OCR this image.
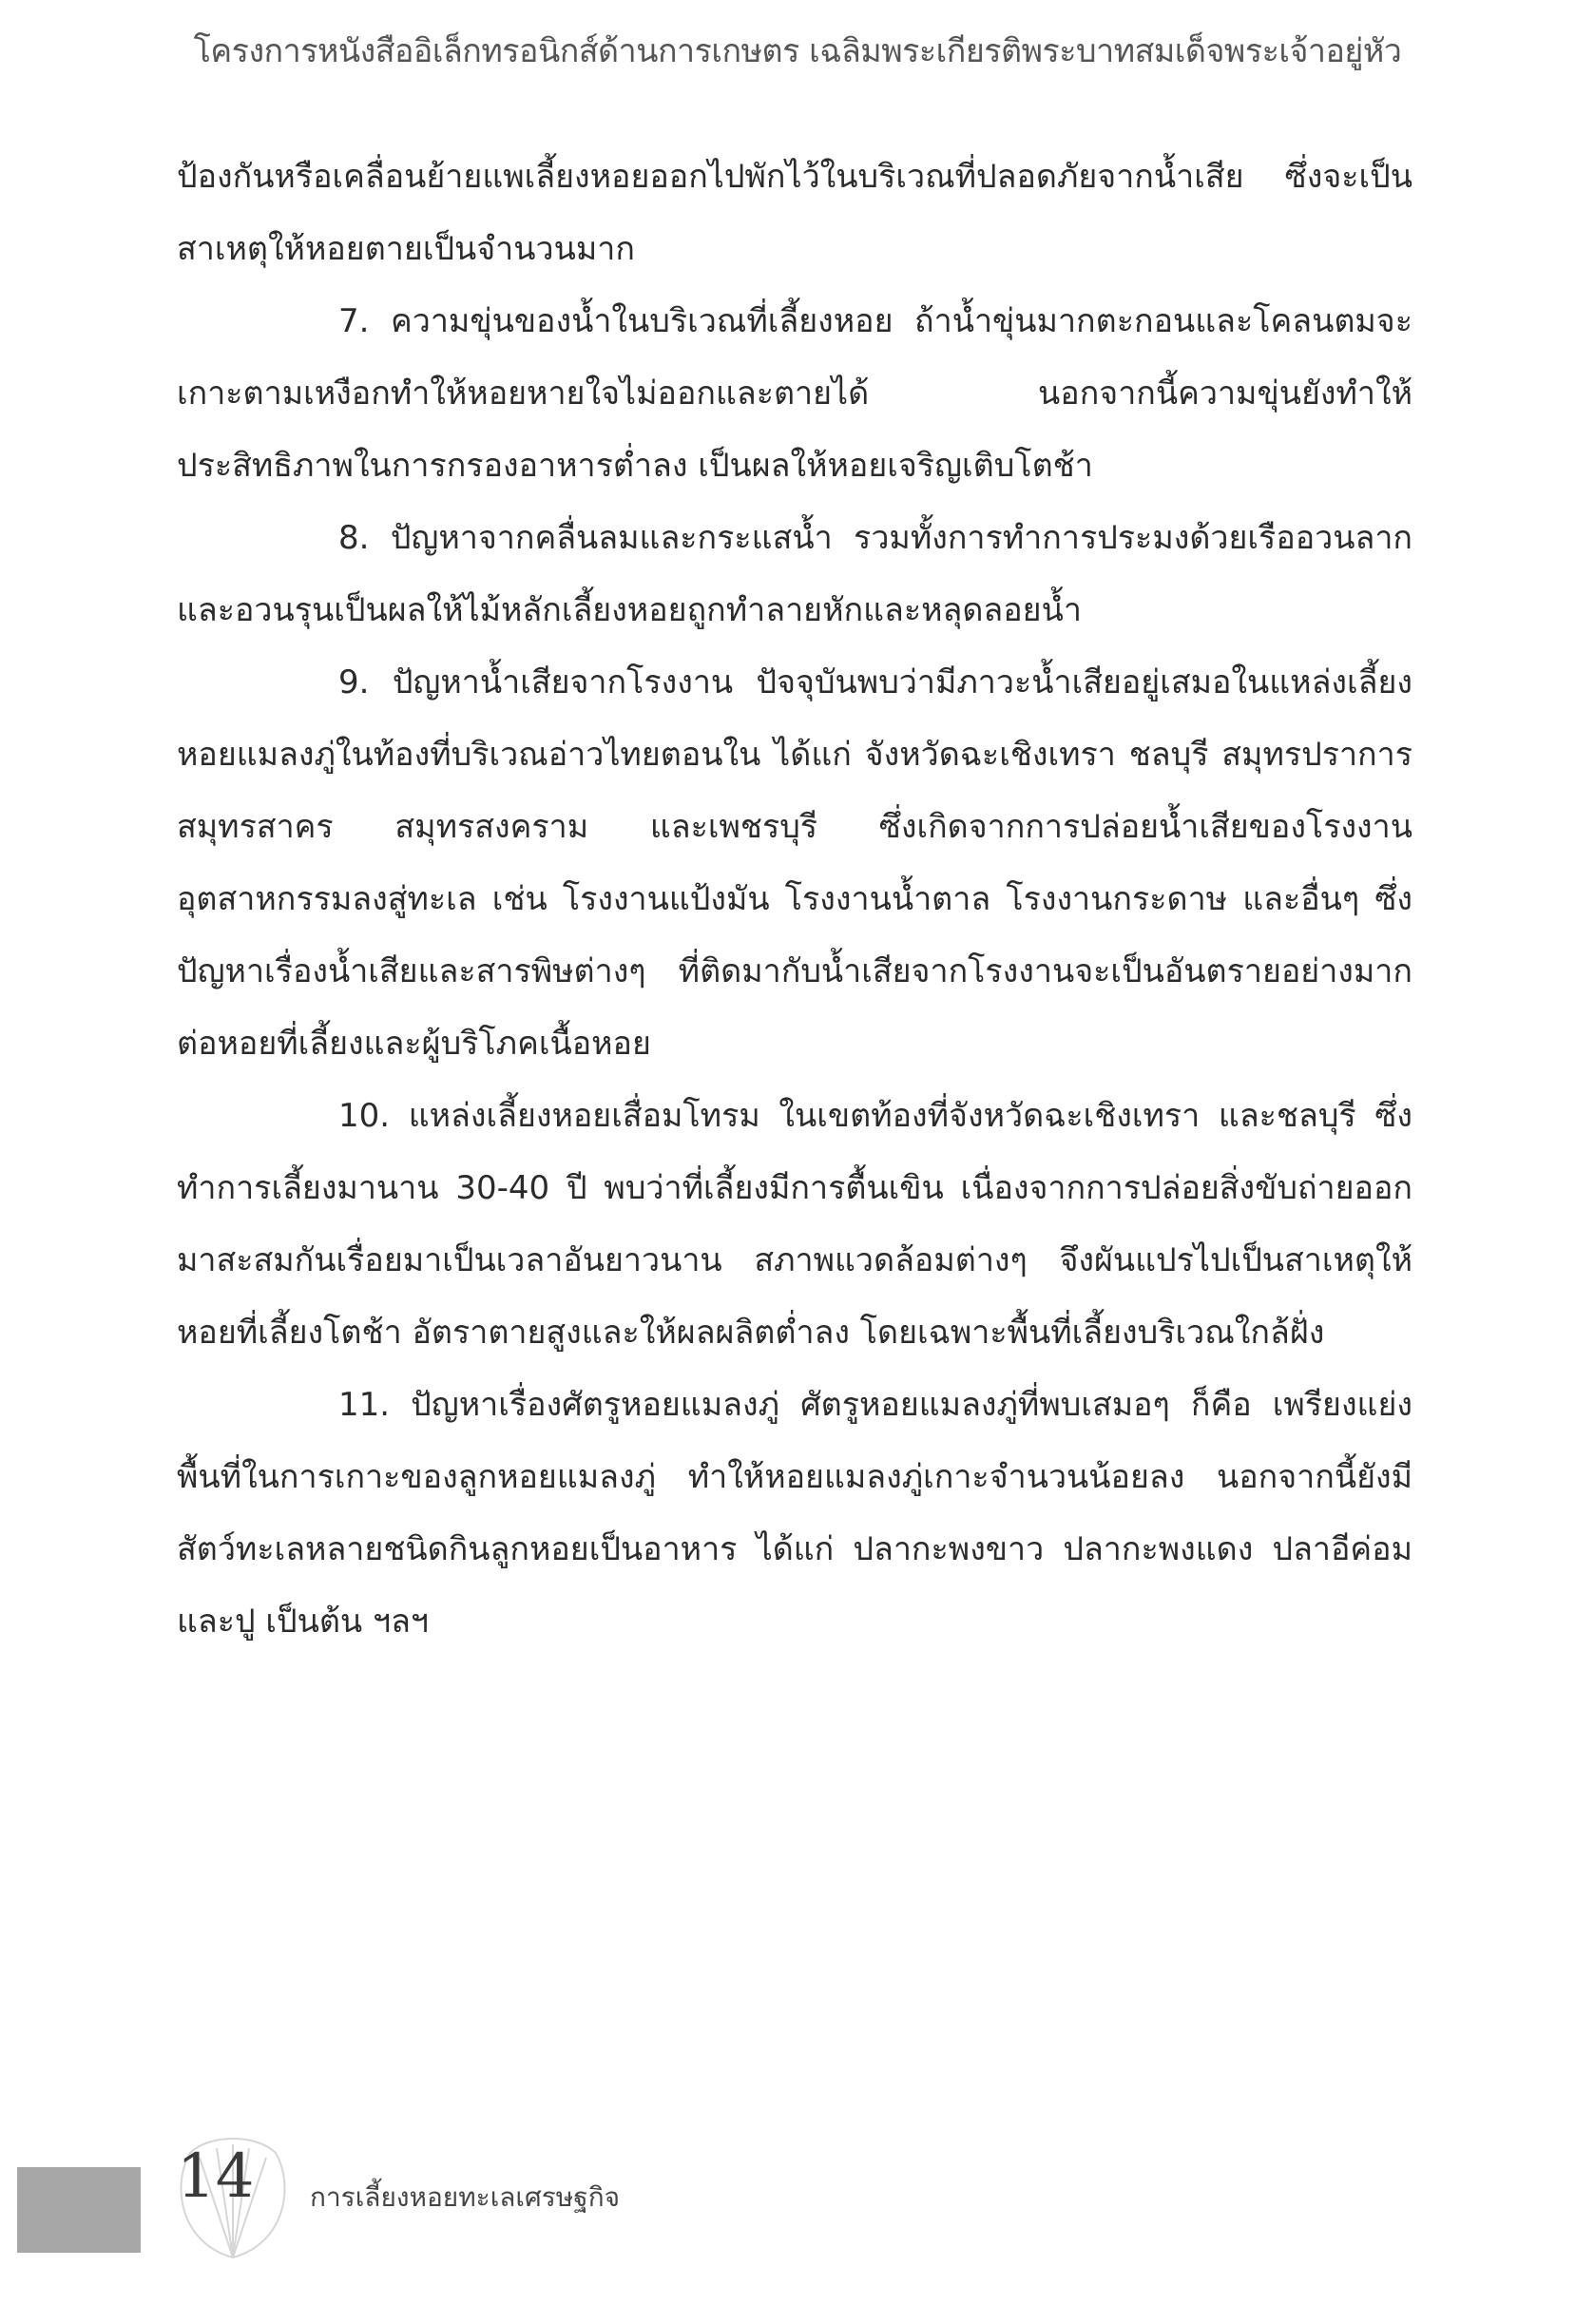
โครงการหนังสืออิเล็กทรอนิกส์ด้านการเกษตร เฉลิมพระเกียรติพระบาทสมเด็จพระเจ้าอยู่หัว

ป้องกันหรือเคลื่อนย้ายแพเลี้ยงหอยออกไปพักไว้ในบริเวณที่ปลอดภัยจากน้ำเสีย ซึ่งจะเป็นสาเหตุให้หอยตายเป็นจำนวนมาก

7. ความขุ่นของน้ำในบริเวณที่เลี้ยงหอย ถ้าน้ำขุ่นมากตะกอนและโคลนตมจะเกาะตามเหงือกทำให้หอยหายใจไม่ออกและตายได้ นอกจากนี้ความขุ่นยังทำให้ประสิทธิภาพในการกรองอาหารต่ำลง เป็นผลให้หอยเจริญเติบโตช้า

8. ปัญหาจากคลื่นลมและกระแสน้ำ รวมทั้งการทำการประมงด้วยเรืออวนลากและอวนรุนเป็นผลให้ไม้หลักเลี้ยงหอยถูกทำลายหักและหลุดลอยน้ำ

9. ปัญหาน้ำเสียจากโรงงาน ปัจจุบันพบว่ามีภาวะน้ำเสียอยู่เสมอในแหล่งเลี้ยงหอยแมลงภู่ในท้องที่บริเวณอ่าวไทยตอนใน ได้แก่ จังหวัดฉะเชิงเทรา ชลบุรี สมุทรปราการ สมุทรสาคร สมุทรสงคราม และเพชรบุรี ซึ่งเกิดจากการปล่อยน้ำเสียของโรงงานอุตสาหกรรมลงสู่ทะเล เช่น โรงงานแป้งมัน โรงงานน้ำตาล โรงงานกระดาษ และอื่นๆ ซึ่งปัญหาเรื่องน้ำเสียและสารพิษต่างๆ ที่ติดมากับน้ำเสียจากโรงงานจะเป็นอันตรายอย่างมากต่อหอยที่เลี้ยงและผู้บริโภคเนื้อหอย

10. แหล่งเลี้ยงหอยเสื่อมโทรม ในเขตท้องที่จังหวัดฉะเชิงเทรา และชลบุรี ซึ่งทำการเลี้ยงมานาน 30-40 ปี พบว่าที่เลี้ยงมีการตื้นเขิน เนื่องจากการปล่อยสิ่งขับถ่ายออกมาสะสมกันเรื่อยมาเป็นเวลาอันยาวนาน สภาพแวดล้อมต่างๆ จึงผันแปรไปเป็นสาเหตุให้หอยที่เลี้ยงโตช้า อัตราตายสูงและให้ผลผลิตต่ำลง โดยเฉพาะพื้นที่เลี้ยงบริเวณใกล้ฝั่ง

11. ปัญหาเรื่องศัตรูหอยแมลงภู่ ศัตรูหอยแมลงภู่ที่พบเสมอๆ ก็คือ เพรียงแย่งพื้นที่ในการเกาะของลูกหอยแมลงภู่ ทำให้หอยแมลงภู่เกาะจำนวนน้อยลง นอกจากนี้ยังมีสัตว์ทะเลหลายชนิดกินลูกหอยเป็นอาหาร ได้แก่ ปลากะพงขาว ปลากะพงแดง ปลาอีค่อม และปู เป็นต้น ฯลฯ

14 การเลี้ยงหอยทะเลเศรษฐกิจ
